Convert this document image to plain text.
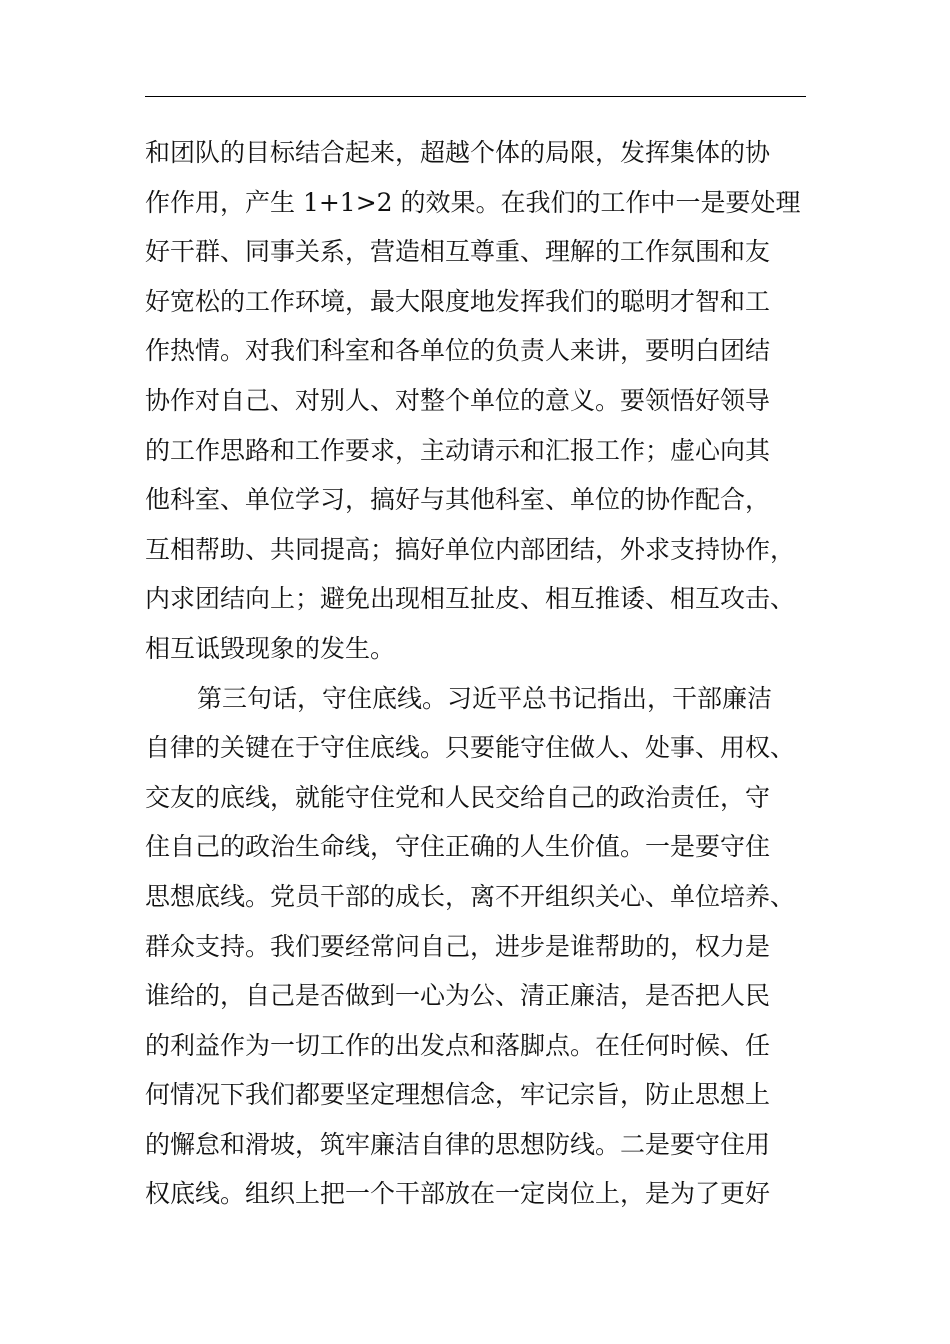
和团队的目标结合起来，超越个体的局限，发挥集体的协
作作用，产生 1+1>2 的效果。在我们的工作中一是要处理
好干群、同事关系，营造相互尊重、理解的工作氛围和友
好宽松的工作环境，最大限度地发挥我们的聪明才智和工
作热情。对我们科室和各单位的负责人来讲，要明白团结
协作对自己、对别人、对整个单位的意义。要领悟好领导
的工作思路和工作要求，主动请示和汇报工作；虚心向其
他科室、单位学习，搞好与其他科室、单位的协作配合，
互相帮助、共同提高；搞好单位内部团结，外求支持协作，
内求团结向上；避免出现相互扯皮、相互推诿、相互攻击、
相互诋毁现象的发生。
第三句话，守住底线。习近平总书记指出，干部廉洁
自律的关键在于守住底线。只要能守住做人、处事、用权、
交友的底线，就能守住党和人民交给自己的政治责任，守
住自己的政治生命线，守住正确的人生价值。一是要守住
思想底线。党员干部的成长，离不开组织关心、单位培养、
群众支持。我们要经常问自己，进步是谁帮助的，权力是
谁给的，自己是否做到一心为公、清正廉洁，是否把人民
的利益作为一切工作的出发点和落脚点。在任何时候、任
何情况下我们都要坚定理想信念，牢记宗旨，防止思想上
的懈怠和滑坡，筑牢廉洁自律的思想防线。二是要守住用
权底线。组织上把一个干部放在一定岗位上，是为了更好
